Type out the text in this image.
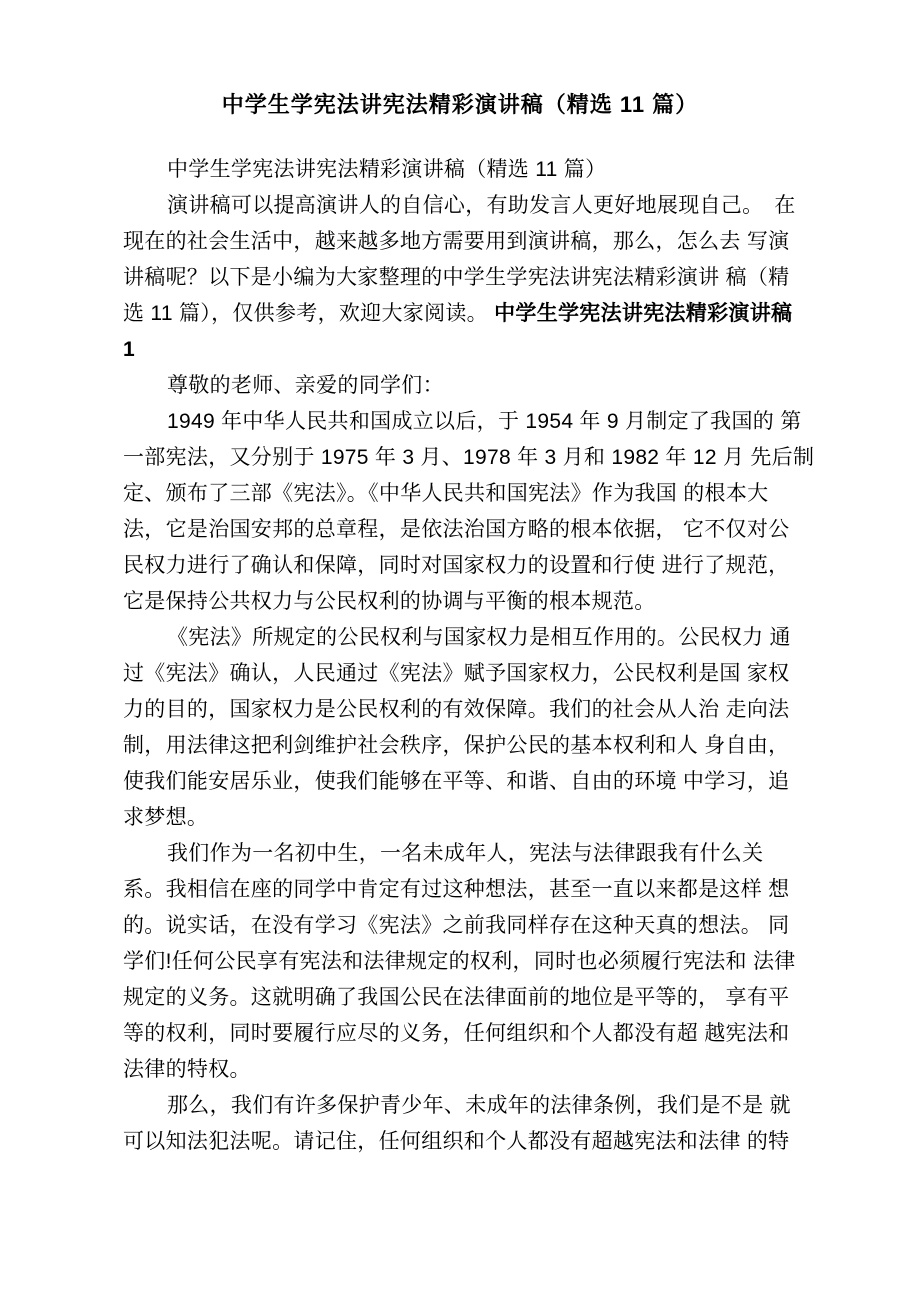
中学生学宪法讲宪法精彩演讲稿（精选 11 篇）
中学生学宪法讲宪法精彩演讲稿（精选 11 篇）
演讲稿可以提高演讲人的自信心，有助发言人更好地展现自己。　在
现在的社会生活中，越来越多地方需要用到演讲稿，那么，怎么去 写演
讲稿呢？以下是小编为大家整理的中学生学宪法讲宪法精彩演讲 稿（精
选 11 篇），仅供参考，欢迎大家阅读。 中学生学宪法讲宪法精彩演讲稿
1
尊敬的老师、亲爱的同学们：
1949 年中华人民共和国成立以后，于 1954 年 9 月制定了我国的 第
一部宪法，又分别于 1975 年 3 月、1978 年 3 月和 1982 年 12 月 先后制
定、颁布了三部《宪法》。《中华人民共和国宪法》作为我国 的根本大
法，它是治国安邦的总章程，是依法治国方略的根本依据， 它不仅对公
民权力进行了确认和保障，同时对国家权力的设置和行使 进行了规范，
它是保持公共权力与公民权利的协调与平衡的根本规范。
《宪法》所规定的公民权利与国家权力是相互作用的。公民权力 通
过《宪法》确认，人民通过《宪法》赋予国家权力，公民权利是国 家权
力的目的，国家权力是公民权利的有效保障。我们的社会从人治 走向法
制，用法律这把利剑维护社会秩序，保护公民的基本权利和人 身自由，
使我们能安居乐业，使我们能够在平等、和谐、自由的环境 中学习，追
求梦想。
我们作为一名初中生，一名未成年人，宪法与法律跟我有什么关
系。我相信在座的同学中肯定有过这种想法，甚至一直以来都是这样 想
的。说实话，在没有学习《宪法》之前我同样存在这种天真的想法。 同
学们!任何公民享有宪法和法律规定的权利，同时也必须履行宪法和 法律
规定的义务。这就明确了我国公民在法律面前的地位是平等的， 享有平
等的权利，同时要履行应尽的义务，任何组织和个人都没有超 越宪法和
法律的特权。
那么，我们有许多保护青少年、未成年的法律条例，我们是不是 就
可以知法犯法呢。请记住，任何组织和个人都没有超越宪法和法律 的特
